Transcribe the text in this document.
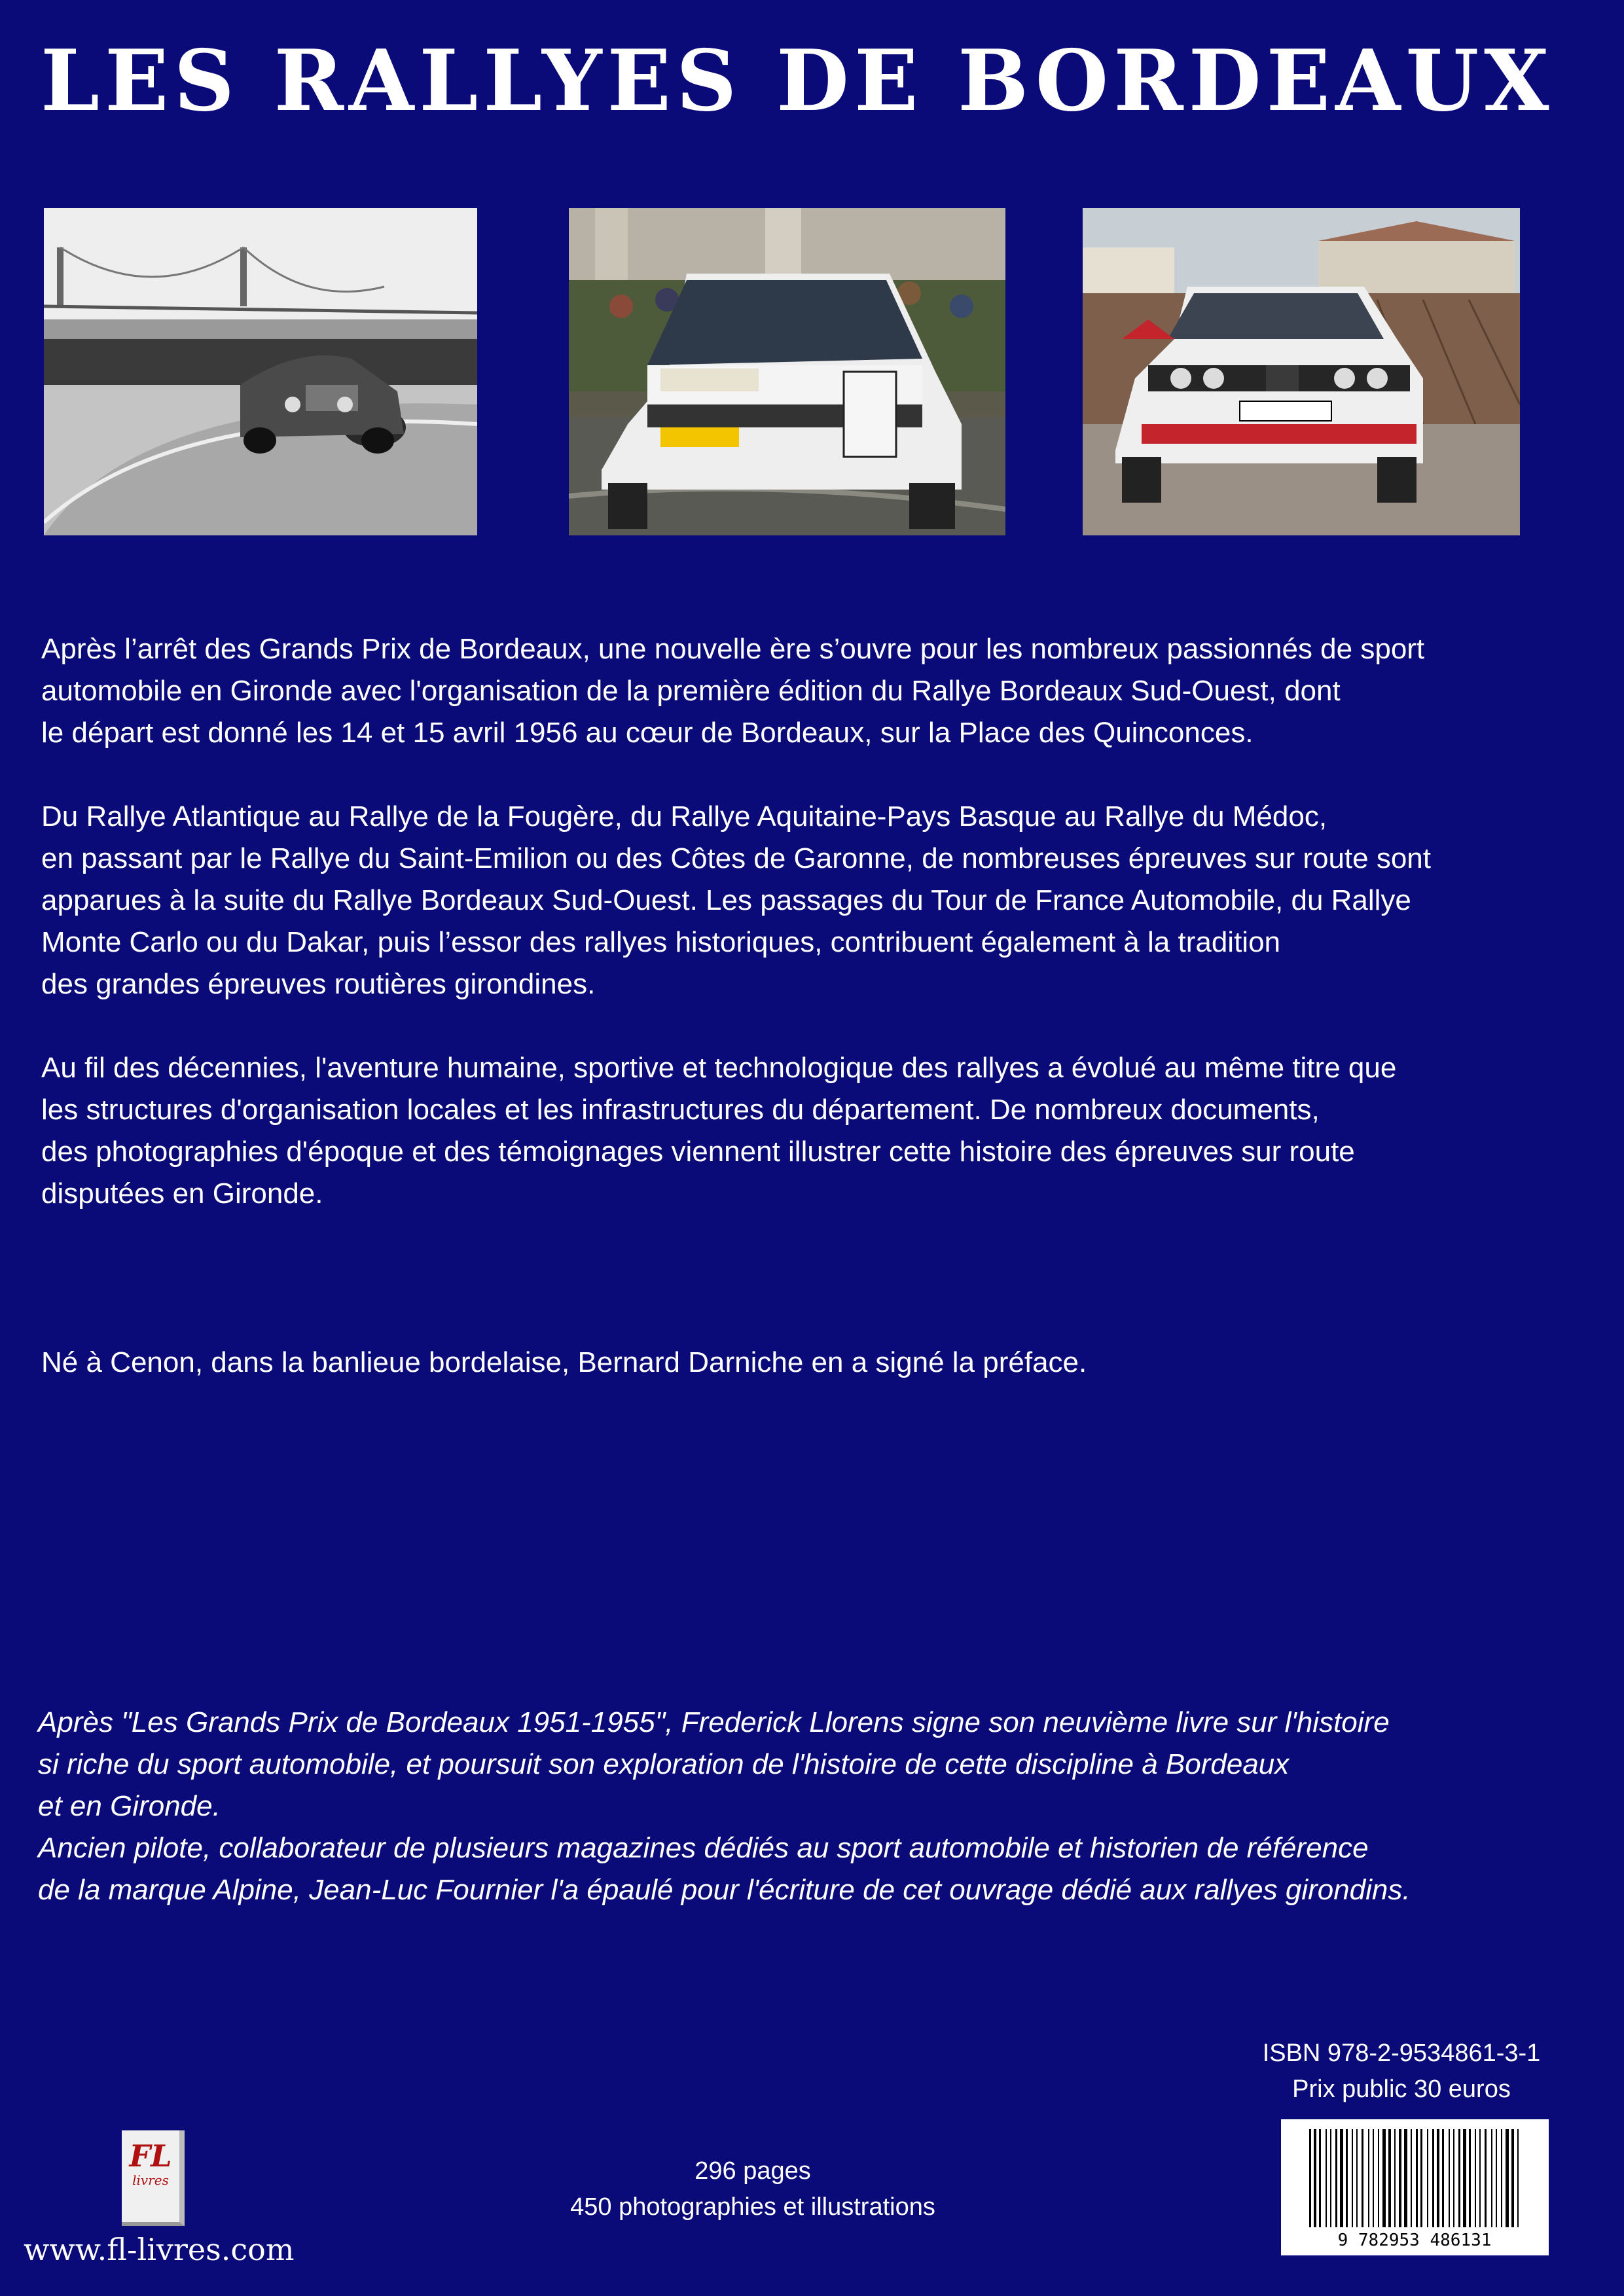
LES RALLYES DE BORDEAUX
Après l’arrêt des Grands Prix de Bordeaux, une nouvelle ère s’ouvre pour les nombreux passionnés de sport
automobile en Gironde avec l'organisation de la première édition du Rallye Bordeaux Sud-Ouest, dont
le départ est donné les 14 et 15 avril 1956 au cœur de Bordeaux, sur la Place des Quinconces.
Du Rallye Atlantique au Rallye de la Fougère, du Rallye Aquitaine-Pays Basque au Rallye du Médoc,
en passant par le Rallye du Saint-Emilion ou des Côtes de Garonne, de nombreuses épreuves sur route sont
apparues à la suite du Rallye Bordeaux Sud-Ouest. Les passages du Tour de France Automobile, du Rallye
Monte Carlo ou du Dakar, puis l’essor des rallyes historiques, contribuent également à la tradition
des grandes épreuves routières girondines.
Au fil des décennies, l'aventure humaine, sportive et technologique des rallyes a évolué au même titre que
les structures d'organisation locales et les infrastructures du département. De nombreux documents,
des photographies d'époque et des témoignages viennent illustrer cette histoire des épreuves sur route
disputées en Gironde.
Né à Cenon, dans la banlieue bordelaise, Bernard Darniche en a signé la préface.
Après "Les Grands Prix de Bordeaux 1951-1955", Frederick Llorens signe son neuvième livre sur l'histoire
si riche du sport automobile, et poursuit son exploration de l'histoire de cette discipline à Bordeaux
et en Gironde.
Ancien pilote, collaborateur de plusieurs magazines dédiés au sport automobile et historien de référence
de la marque Alpine, Jean-Luc Fournier l'a épaulé pour l'écriture de cet ouvrage dédié aux rallyes girondins.
ISBN 978-2-9534861-3-1
Prix public 30 euros
9 782953 486131
296 pages
450 photographies et illustrations
FL
livres
www.fl-livres.com
